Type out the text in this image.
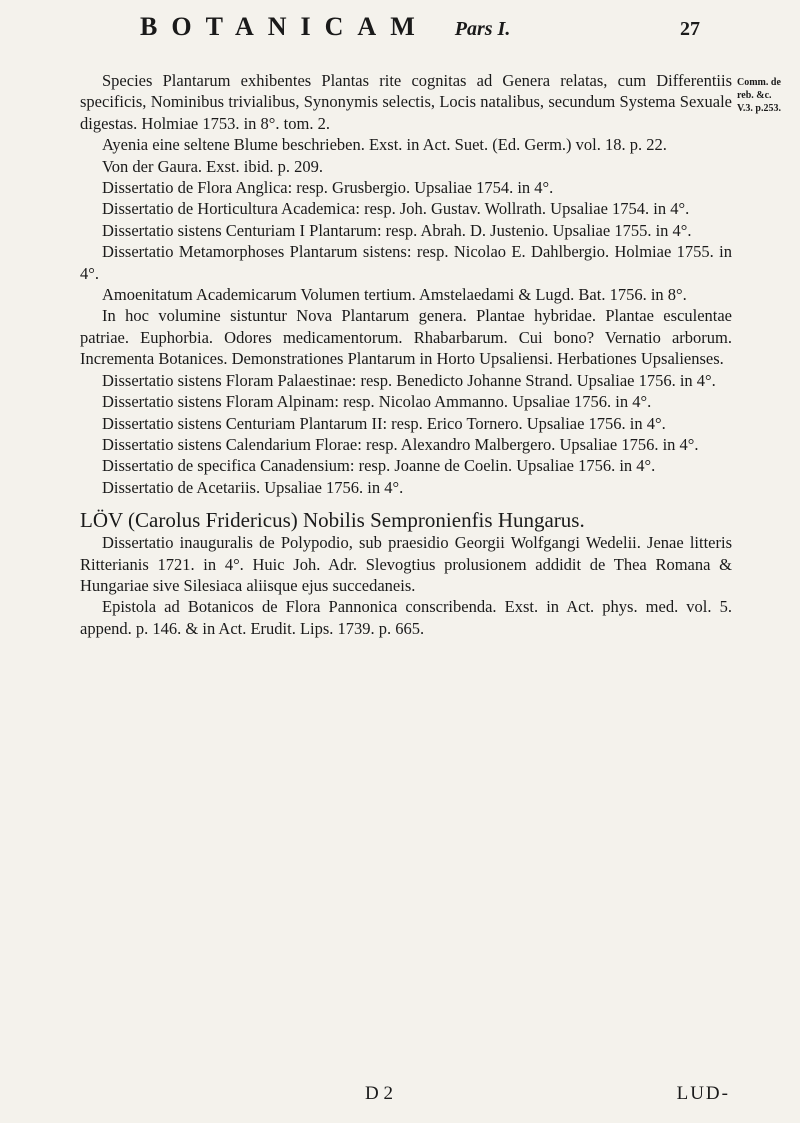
BOTANICAM Pars I.	27
Comm. de
reb. &c.
V.3. p.253.

Species Plantarum exhibentes Plantas rite cognitas ad Genera relatas, cum Differentiis specificis, Nominibus trivialibus, Synonymis selectis, Locis natalibus, secundum Systema Sexuale digestas. Holmiae 1753. in 8°. tom. 2.

Ayenia eine seltene Blume beschrieben. Exst. in Act. Suet. (Ed. Germ.) vol. 18. p. 22.

Von der Gaura. Exst. ibid. p. 209.

Dissertatio de Flora Anglica: resp. Grusbergio. Upsaliae 1754. in 4°.

Dissertatio de Horticultura Academica: resp. Joh. Gustav. Wollrath. Upsaliae 1754. in 4°.

Dissertatio sistens Centuriam I Plantarum: resp. Abrah. D. Justenio. Upsaliae 1755. in 4°.

Dissertatio Metamorphoses Plantarum sistens: resp. Nicolao E. Dahlbergio. Holmiae 1755. in 4°.

Amoenitatum Academicarum Volumen tertium. Amstelaedami & Lugd. Bat. 1756. in 8°.

In hoc volumine sistuntur Nova Plantarum genera. Plantae hybridae. Plantae esculentae patriae. Euphorbia. Odores medicamentorum. Rhabarbarum. Cui bono? Vernatio arborum. Incrementa Botanices. Demonstrationes Plantarum in Horto Upsaliensi. Herbationes Upsalienses.

Dissertatio sistens Floram Palaestinae: resp. Benedicto Johanne Strand. Upsaliae 1756. in 4°.

Dissertatio sistens Floram Alpinam: resp. Nicolao Ammanno. Upsaliae 1756. in 4°.

Dissertatio sistens Centuriam Plantarum II: resp. Erico Tornero. Upsaliae 1756. in 4°.

Dissertatio sistens Calendarium Florae: resp. Alexandro Malbergero. Upsaliae 1756. in 4°.

Dissertatio de specifica Canadensium: resp. Joanne de Coelin. Upsaliae 1756. in 4°.

Dissertatio de Acetariis. Upsaliae 1756. in 4°.

LÖV (Carolus Fridericus) Nobilis Sempronienfis Hungarus.

Dissertatio inauguralis de Polypodio, sub praesidio Georgii Wolfgangi Wedelii. Jenae litteris Ritterianis 1721. in 4°. Huic Joh. Adr. Slevogtius prolusionem addidit de Thea Romana & Hungariae sive Silesiaca aliisque ejus succedaneis.

Epistola ad Botanicos de Flora Pannonica conscribenda. Exst. in Act. phys. med. vol. 5. append. p. 146. & in Act. Erudit. Lips. 1739. p. 665.

D 2	LUD-
